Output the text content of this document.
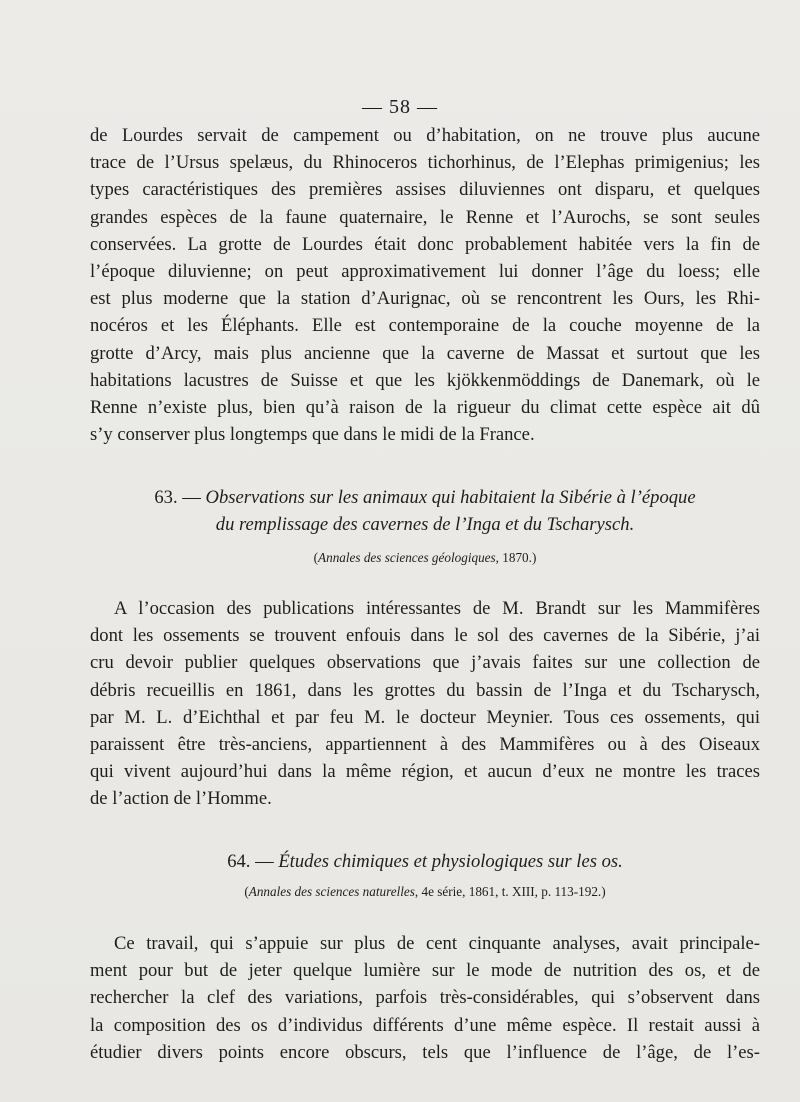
— 58 —

de Lourdes servait de campement ou d’habitation, on ne trouve plus aucune
trace de l’Ursus spelæus, du Rhinoceros tichorhinus, de l’Elephas primigenius; les
types caractéristiques des premières assises diluviennes ont disparu, et quelques
grandes espèces de la faune quaternaire, le Renne et l’Aurochs, se sont seules
conservées. La grotte de Lourdes était donc probablement habitée vers la fin de
l’époque diluvienne; on peut approximativement lui donner l’âge du loess; elle
est plus moderne que la station d’Aurignac, où se rencontrent les Ours, les Rhi-
nocéros et les Éléphants. Elle est contemporaine de la couche moyenne de la
grotte d’Arcy, mais plus ancienne que la caverne de Massat et surtout que les
habitations lacustres de Suisse et que les kjökkenmöddings de Danemark, où le
Renne n’existe plus, bien qu’à raison de la rigueur du climat cette espèce ait dû
s’y conserver plus longtemps que dans le midi de la France.

63. — Observations sur les animaux qui habitaient la Sibérie à l’époque
du remplissage des cavernes de l’Inga et du Tscharysch.
(Annales des sciences géologiques, 1870.)

A l’occasion des publications intéressantes de M. Brandt sur les Mammifères
dont les ossements se trouvent enfouis dans le sol des cavernes de la Sibérie, j’ai
cru devoir publier quelques observations que j’avais faites sur une collection de
débris recueillis en 1861, dans les grottes du bassin de l’Inga et du Tscharysch,
par M. L. d’Eichthal et par feu M. le docteur Meynier. Tous ces ossements, qui
paraissent être très-anciens, appartiennent à des Mammifères ou à des Oiseaux
qui vivent aujourd’hui dans la même région, et aucun d’eux ne montre les traces
de l’action de l’Homme.

64. — Études chimiques et physiologiques sur les os.
(Annales des sciences naturelles, 4e série, 1861, t. XIII, p. 113-192.)

Ce travail, qui s’appuie sur plus de cent cinquante analyses, avait principale-
ment pour but de jeter quelque lumière sur le mode de nutrition des os, et de
rechercher la clef des variations, parfois très-considérables, qui s’observent dans
la composition des os d’individus différents d’une même espèce. Il restait aussi à
étudier divers points encore obscurs, tels que l’influence de l’âge, de l’es-
